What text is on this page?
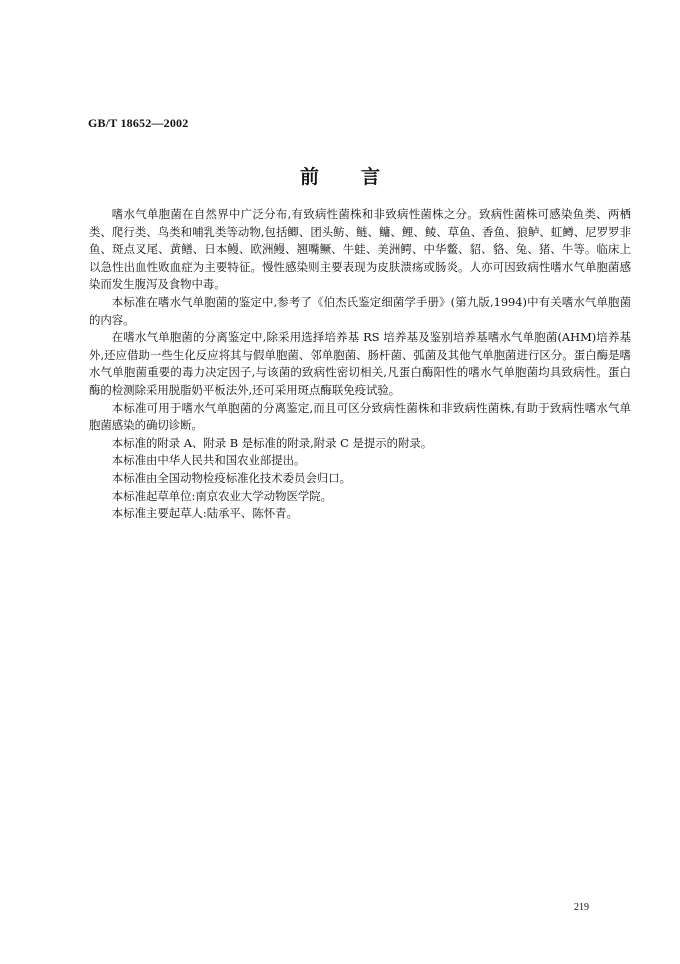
GB/T 18652—2002
前言

嗜水气单胞菌在自然界中广泛分布,有致病性菌株和非致病性菌株之分。致病性菌株可感染鱼类、两栖类、爬行类、鸟类和哺乳类等动物,包括鲫、团头鲂、鲢、鳙、鲤、鲮、草鱼、香鱼、狼鲈、虹鳟、尼罗罗非鱼、斑点叉尾、黄鳝、日本鳗、欧洲鳗、翘嘴鳜、牛蛙、美洲鳄、中华鳖、貂、貉、兔、猪、牛等。临床上以急性出血性败血症为主要特征。慢性感染则主要表现为皮肤溃疡或肠炎。人亦可因致病性嗜水气单胞菌感染而发生腹泻及食物中毒。

本标准在嗜水气单胞菌的鉴定中,参考了《伯杰氏鉴定细菌学手册》(第九版,1994)中有关嗜水气单胞菌的内容。

在嗜水气单胞菌的分离鉴定中,除采用选择培养基 RS 培养基及鉴别培养基嗜水气单胞菌(AHM)培养基外,还应借助一些生化反应将其与假单胞菌、邻单胞菌、肠杆菌、弧菌及其他气单胞菌进行区分。蛋白酶是嗜水气单胞菌重要的毒力决定因子,与该菌的致病性密切相关,凡蛋白酶阳性的嗜水气单胞菌均具致病性。蛋白酶的检测除采用脱脂奶平板法外,还可采用斑点酶联免疫试验。

本标准可用于嗜水气单胞菌的分离鉴定,而且可区分致病性菌株和非致病性菌株,有助于致病性嗜水气单胞菌感染的确切诊断。

本标准的附录 A、附录 B 是标准的附录,附录 C 是提示的附录。

本标准由中华人民共和国农业部提出。

本标准由全国动物检疫标准化技术委员会归口。

本标准起草单位:南京农业大学动物医学院。

本标准主要起草人:陆承平、陈怀青。

219
